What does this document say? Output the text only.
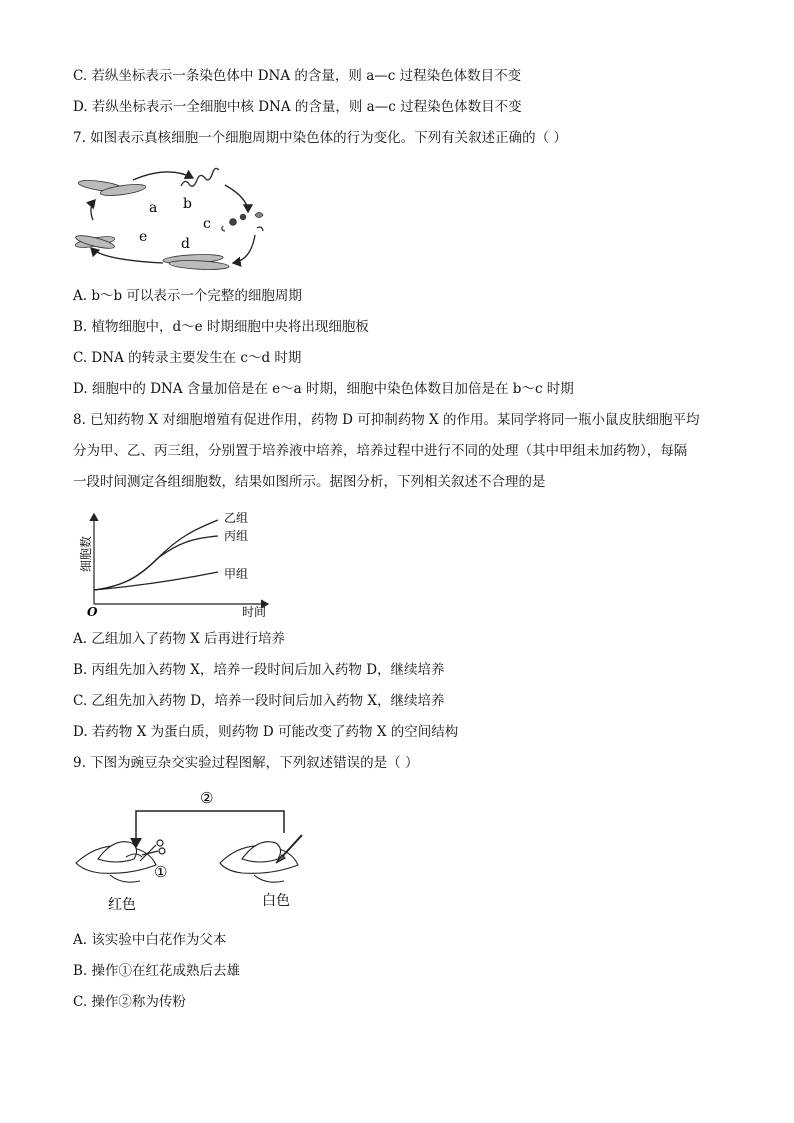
C. 若纵坐标表示一条染色体中 DNA 的含量，则 a—c 过程染色体数目不变
D. 若纵坐标表示一全细胞中核 DNA 的含量，则 a—c 过程染色体数目不变
7. 如图表示真核细胞一个细胞周期中染色体的行为变化。下列有关叙述正确的（ ）
a b
c
d
e
A. b～b 可以表示一个完整的细胞周期
B. 植物细胞中，d～e 时期细胞中央将出现细胞板
C. DNA 的转录主要发生在 c～d 时期
D. 细胞中的 DNA 含量加倍是在 e～a 时期，细胞中染色体数目加倍是在 b～c 时期
8. 已知药物 X 对细胞增殖有促进作用，药物 D 可抑制药物 X 的作用。某同学将同一瓶小鼠皮肤细胞平均
分为甲、乙、丙三组，分别置于培养液中培养，培养过程中进行不同的处理（其中甲组未加药物），每隔
一段时间测定各组细胞数，结果如图所示。据图分析，下列相关叙述不合理的是
细胞数
O	时间
乙组
丙组
甲组
A. 乙组加入了药物 X 后再进行培养
B. 丙组先加入药物 X，培养一段时间后加入药物 D，继续培养
C. 乙组先加入药物 D，培养一段时间后加入药物 X，继续培养
D. 若药物 X 为蛋白质，则药物 D 可能改变了药物 X 的空间结构
9. 下图为豌豆杂交实验过程图解，下列叙述错误的是（ ）
②
①
红色	白色
A. 该实验中白花作为父本
B. 操作①在红花成熟后去雄
C. 操作②称为传粉
